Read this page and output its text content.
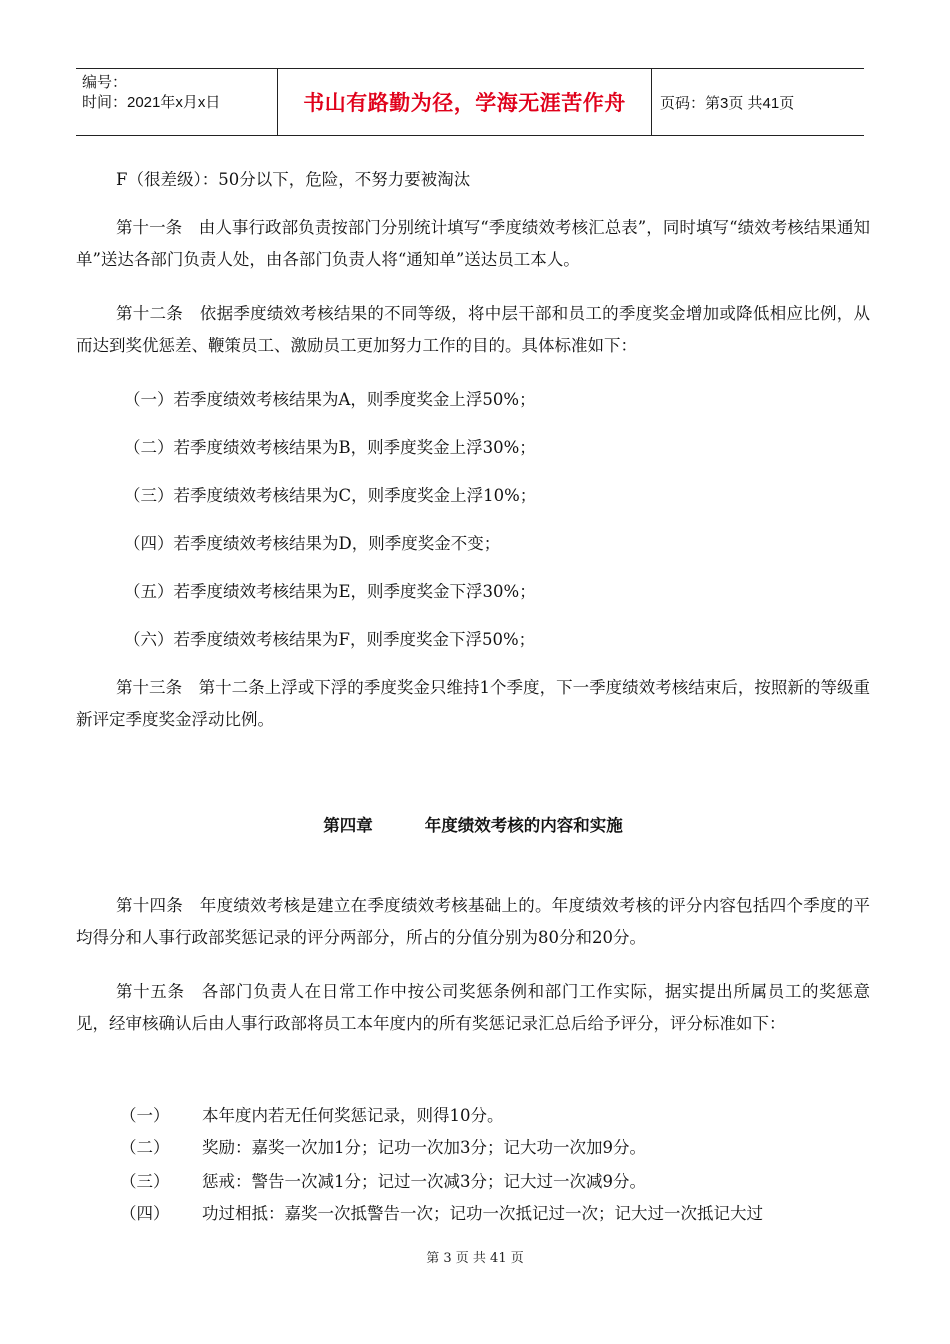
编号：
时间：2021年x月x日	书山有路勤为径，学海无涯苦作舟 页码：第3页 共41页
F（很差级）：50分以下，危险，不努力要被淘汰
第十一条　由人事行政部负责按部门分别统计填写“季度绩效考核汇总表”，同时填写“绩效考核结果通知单”送达各部门负责人处，由各部门负责人将“通知单”送达员工本人。
第十二条　依据季度绩效考核结果的不同等级，将中层干部和员工的季度奖金增加或降低相应比例，从而达到奖优惩差、鞭策员工、激励员工更加努力工作的目的。具体标准如下：
（一）若季度绩效考核结果为A，则季度奖金上浮50%；
（二）若季度绩效考核结果为B，则季度奖金上浮30%；
（三）若季度绩效考核结果为C，则季度奖金上浮10%；
（四）若季度绩效考核结果为D，则季度奖金不变；
（五）若季度绩效考核结果为E，则季度奖金下浮30%；
（六）若季度绩效考核结果为F，则季度奖金下浮50%；
第十三条　第十二条上浮或下浮的季度奖金只维持1个季度，下一季度绩效考核结束后，按照新的等级重新评定季度奖金浮动比例。
第四章	年度绩效考核的内容和实施
第十四条　年度绩效考核是建立在季度绩效考核基础上的。年度绩效考核的评分内容包括四个季度的平均得分和人事行政部奖惩记录的评分两部分，所占的分值分别为80分和20分。
第十五条　各部门负责人在日常工作中按公司奖惩条例和部门工作实际，据实提出所属员工的奖惩意见，经审核确认后由人事行政部将员工本年度内的所有奖惩记录汇总后给予评分，评分标准如下：
（一）	本年度内若无任何奖惩记录，则得10分。
（二）	奖励：嘉奖一次加1分；记功一次加3分；记大功一次加9分。
（三）	惩戒：警告一次减1分；记过一次减3分；记大过一次减9分。
（四）	功过相抵：嘉奖一次抵警告一次；记功一次抵记过一次；记大过一次抵记大过
第 3 页 共 41 页
